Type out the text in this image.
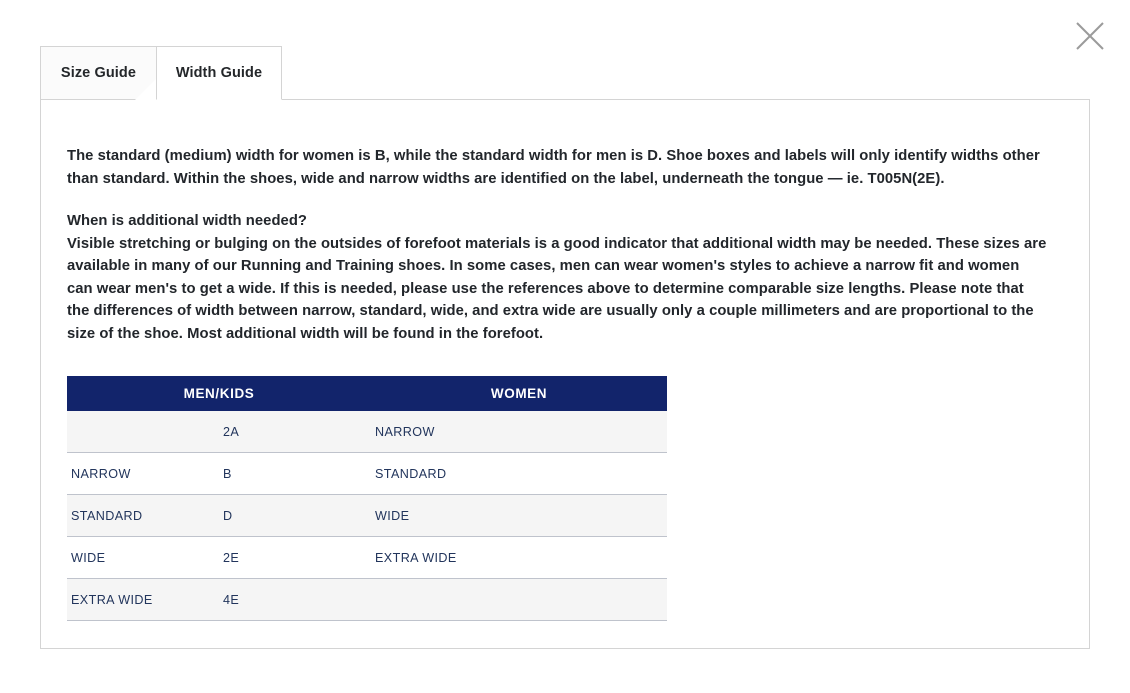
Size Guide	Width Guide

The standard (medium) width for women is B, while the standard width for men is D. Shoe boxes and labels will only identify widths other than standard. Within the shoes, wide and narrow widths are identified on the label, underneath the tongue — ie. T005N(2E).

When is additional width needed?
Visible stretching or bulging on the outsides of forefoot materials is a good indicator that additional width may be needed. These sizes are available in many of our Running and Training shoes. In some cases, men can wear women's styles to achieve a narrow fit and women can wear men's to get a wide. If this is needed, please use the references above to determine comparable size lengths. Please note that the differences of width between narrow, standard, wide, and extra wide are usually only a couple millimeters and are proportional to the size of the shoe. Most additional width will be found in the forefoot.

MEN/KIDS		WOMEN
	2A	NARROW
NARROW	B	STANDARD
STANDARD	D	WIDE
WIDE	2E	EXTRA WIDE
EXTRA WIDE	4E	
